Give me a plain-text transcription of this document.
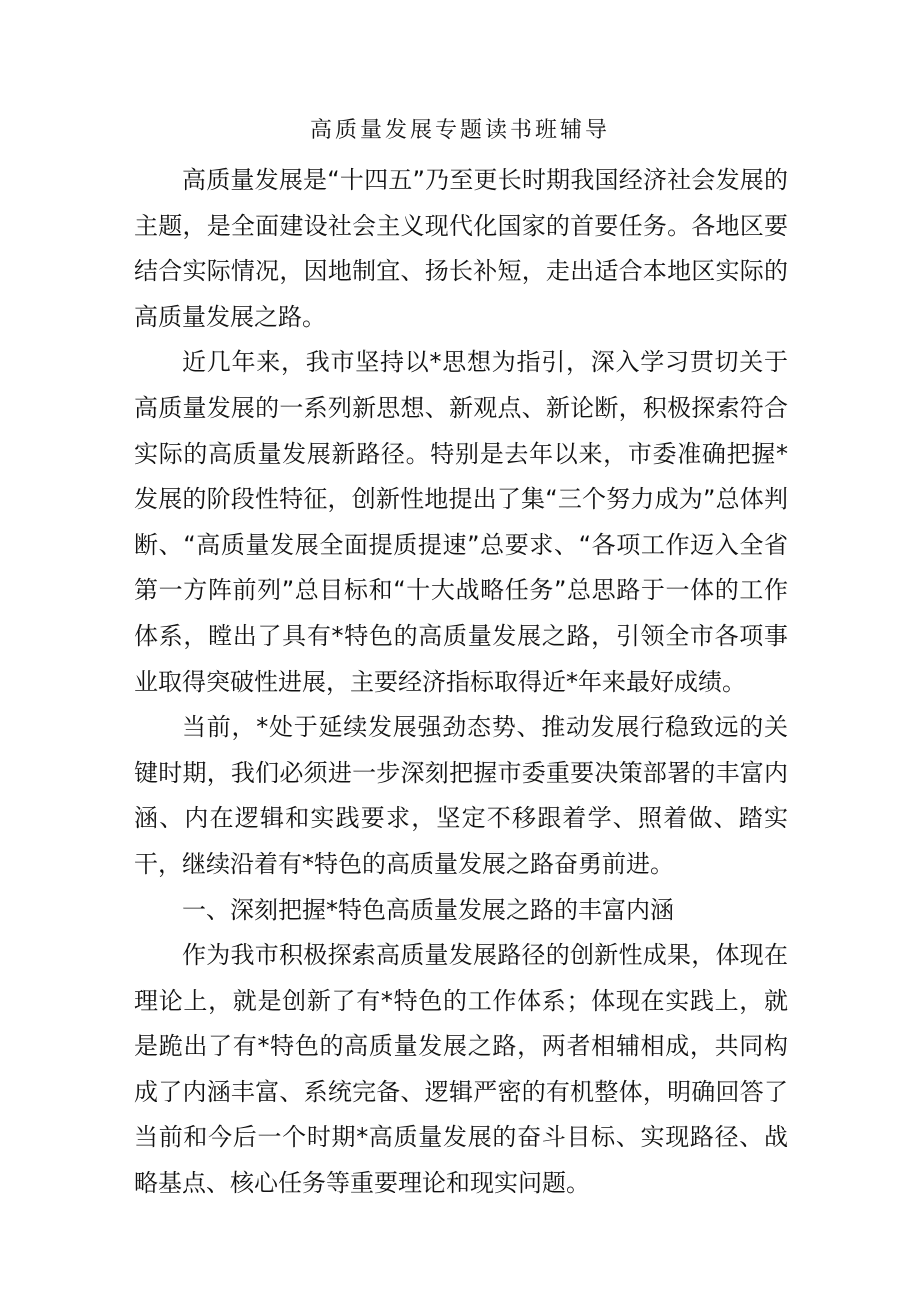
高质量发展专题读书班辅导

高质量发展是“十四五”乃至更长时期我国经济社会发展的主题，是全面建设社会主义现代化国家的首要任务。各地区要结合实际情况，因地制宜、扬长补短，走出适合本地区实际的高质量发展之路。

近几年来，我市坚持以*思想为指引，深入学习贯切关于高质量发展的一系列新思想、新观点、新论断，积极探索符合实际的高质量发展新路径。特别是去年以来，市委准确把握*发展的阶段性特征，创新性地提出了集“三个努力成为”总体判断、“高质量发展全面提质提速”总要求、“各项工作迈入全省第一方阵前列”总目标和“十大战略任务”总思路于一体的工作体系，瞠出了具有*特色的高质量发展之路，引领全市各项事业取得突破性进展，主要经济指标取得近*年来最好成绩。

当前，*处于延续发展强劲态势、推动发展行稳致远的关键时期，我们必须进一步深刻把握市委重要决策部署的丰富内涵、内在逻辑和实践要求，坚定不移跟着学、照着做、踏实干，继续沿着有*特色的高质量发展之路奋勇前进。

一、深刻把握*特色高质量发展之路的丰富内涵

作为我市积极探索高质量发展路径的创新性成果，体现在理论上，就是创新了有*特色的工作体系；体现在实践上，就是跪出了有*特色的高质量发展之路，两者相辅相成，共同构成了内涵丰富、系统完备、逻辑严密的有机整体，明确回答了当前和今后一个时期*高质量发展的奋斗目标、实现路径、战略基点、核心任务等重要理论和现实问题。
